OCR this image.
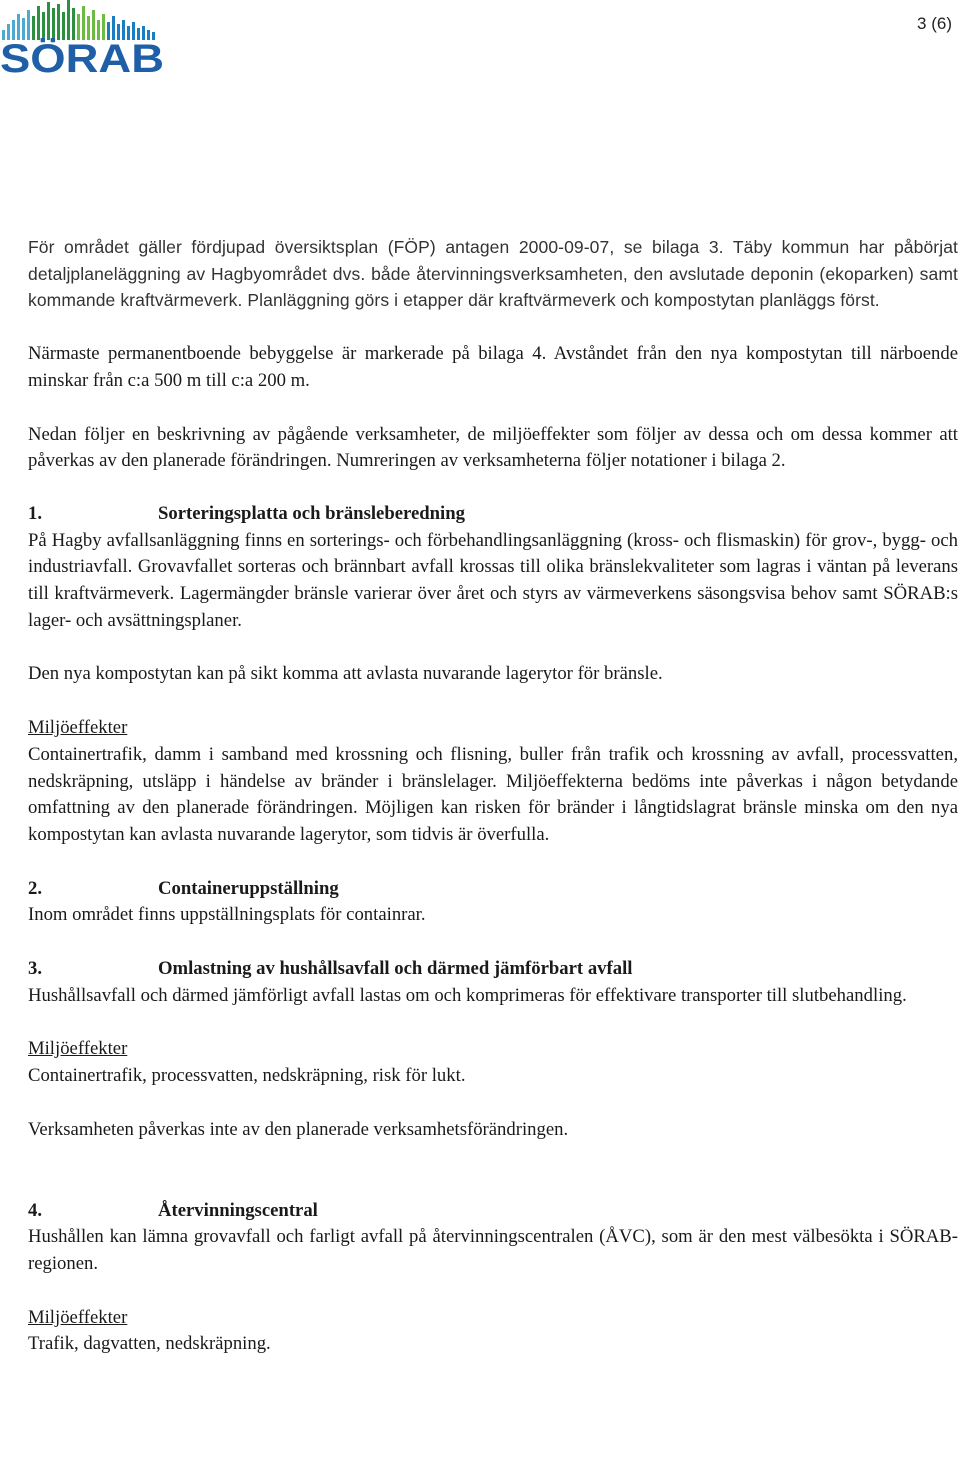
SÖRAB
3 (6)

För området gäller fördjupad översiktsplan (FÖP) antagen 2000-09-07, se bilaga 3. Täby kommun har påbörjat detaljplaneläggning av Hagbyområdet dvs. både återvinningsverksamheten, den avslutade deponin (ekoparken) samt kommande kraftvärmeverk. Planläggning görs i etapper där kraftvärmeverk och kompostytan planläggs först.

Närmaste permanentboende bebyggelse är markerade på bilaga 4. Avståndet från den nya kompostytan till närboende minskar från c:a 500 m till c:a 200 m.

Nedan följer en beskrivning av pågående verksamheter, de miljöeffekter som följer av dessa och om dessa kommer att påverkas av den planerade förändringen. Numreringen av verksamheterna följer notationer i bilaga 2.

1.	Sorteringsplatta och bränsleberedning

På Hagby avfallsanläggning finns en sorterings- och förbehandlingsanläggning (kross- och flismaskin) för grov-, bygg- och industriavfall. Grovavfallet sorteras och brännbart avfall krossas till olika bränslekvaliteter som lagras i väntan på leverans till kraftvärmeverk. Lagermängder bränsle varierar över året och styrs av värmeverkens säsongsvisa behov samt SÖRAB:s lager- och avsättningsplaner.

Den nya kompostytan kan på sikt komma att avlasta nuvarande lagerytor för bränsle.

Miljöeffekter

Containertrafik, damm i samband med krossning och flisning, buller från trafik och krossning av avfall, processvatten, nedskräpning, utsläpp i händelse av bränder i bränslelager. Miljöeffekterna bedöms inte påverkas i någon betydande omfattning av den planerade förändringen. Möjligen kan risken för bränder i långtidslagrat bränsle minska om den nya kompostytan kan avlasta nuvarande lagerytor, som tidvis är överfulla.

2.	Containeruppställning

Inom området finns uppställningsplats för containrar.

3.	Omlastning av hushållsavfall och därmed jämförbart avfall

Hushållsavfall och därmed jämförligt avfall lastas om och komprimeras för effektivare transporter till slutbehandling.

Miljöeffekter

Containertrafik, processvatten, nedskräpning, risk för lukt.

Verksamheten påverkas inte av den planerade verksamhetsförändringen.

4.	Återvinningscentral

Hushållen kan lämna grovavfall och farligt avfall på återvinningscentralen (ÅVC), som är den mest välbesökta i SÖRAB-regionen.

Miljöeffekter

Trafik, dagvatten, nedskräpning.
